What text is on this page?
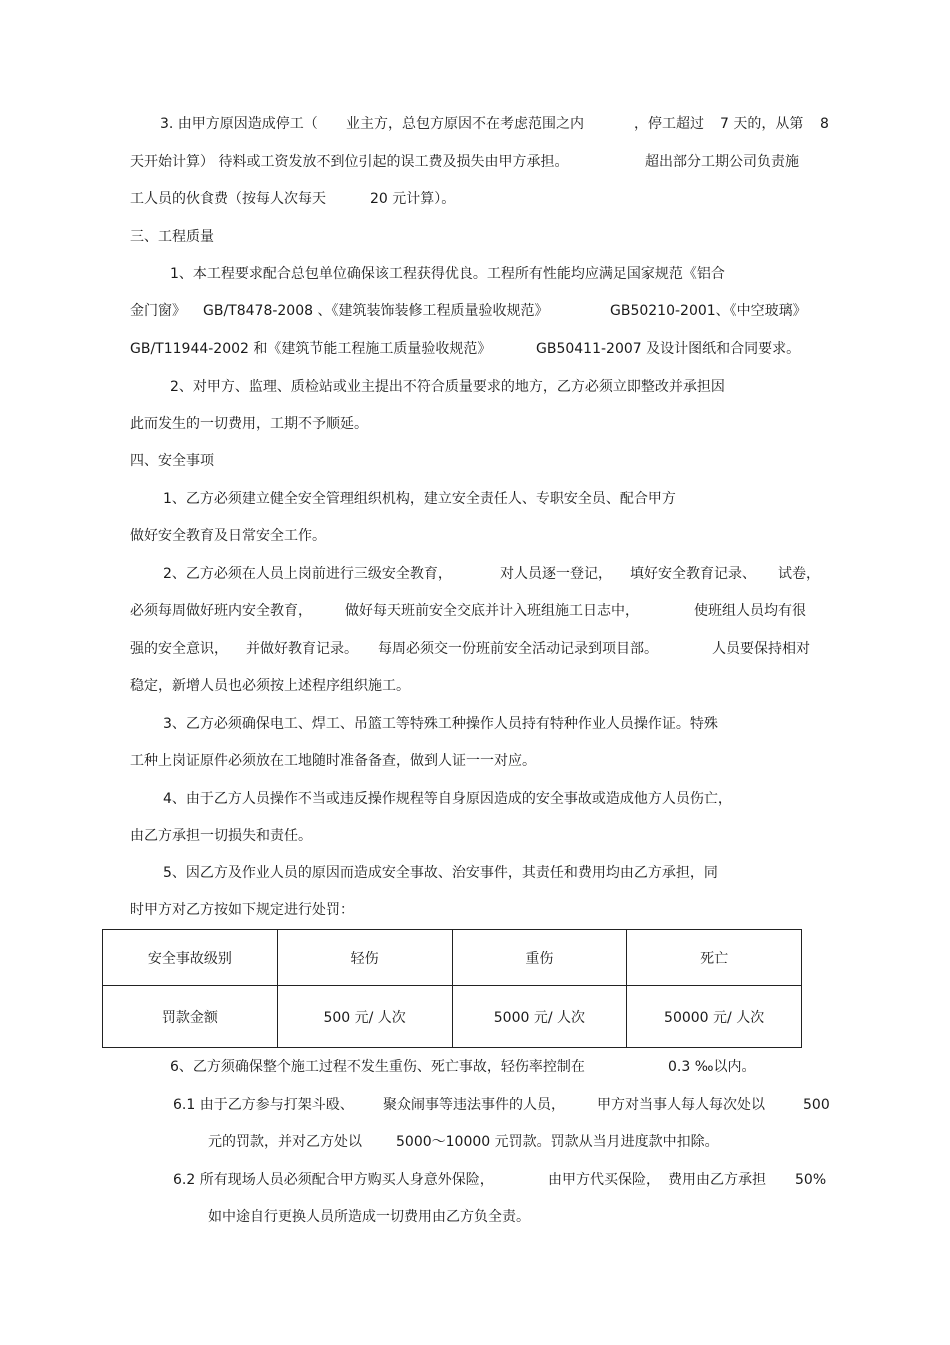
3. 由甲方原因造成停工（ 业主方，总包方原因不在考虑范围之内	，停工超过 7 天的，从第 8
天开始计算） 待料或工资发放不到位引起的误工费及损失由甲方承担。	超出部分工期公司负责施
工人员的伙食费（按每人次每天	20 元计算）。
三、工程质量
1、本工程要求配合总包单位确保该工程获得优良。工程所有性能均应满足国家规范《铝合
金门窗》 GB/T8478-2008 、《建筑装饰装修工程质量验收规范》	GB50210-2001、《中空玻璃》
GB/T11944-2002 和《建筑节能工程施工质量验收规范》	GB50411-2007 及设计图纸和合同要求。
2、对甲方、监理、质检站或业主提出不符合质量要求的地方，乙方必须立即整改并承担因
此而发生的一切费用，工期不予顺延。
四、安全事项
1、乙方必须建立健全安全管理组织机构，建立安全责任人、专职安全员、配合甲方
做好安全教育及日常安全工作。
2、乙方必须在人员上岗前进行三级安全教育，	对人员逐一登记， 填好安全教育记录、 试卷，
必须每周做好班内安全教育， 做好每天班前安全交底并计入班组施工日志中，	使班组人员均有很
强的安全意识， 并做好教育记录。 每周必须交一份班前安全活动记录到项目部。	人员要保持相对
稳定，新增人员也必须按上述程序组织施工。
3、乙方必须确保电工、焊工、吊篮工等特殊工种操作人员持有特种作业人员操作证。特殊
工种上岗证原件必须放在工地随时准备备查，做到人证一一对应。
4、由于乙方人员操作不当或违反操作规程等自身原因造成的安全事故或造成他方人员伤亡，
由乙方承担一切损失和责任。
5、因乙方及作业人员的原因而造成安全事故、治安事件，其责任和费用均由乙方承担，同
时甲方对乙方按如下规定进行处罚：
安全事故级别	轻伤	重伤	死亡
罚款金额	500 元/ 人次	5000 元/ 人次	50000 元/ 人次
6、乙方须确保整个施工过程不发生重伤、死亡事故，轻伤率控制在	0.3 ‰以内。
6.1 由于乙方参与打架斗殴、 聚众闹事等违法事件的人员， 甲方对当事人每人每次处以	500
元的罚款，并对乙方处以 5000～10000 元罚款。罚款从当月进度款中扣除。
6.2 所有现场人员必须配合甲方购买人身意外保险，	由甲方代买保险， 费用由乙方承担 50%
如中途自行更换人员所造成一切费用由乙方负全责。
